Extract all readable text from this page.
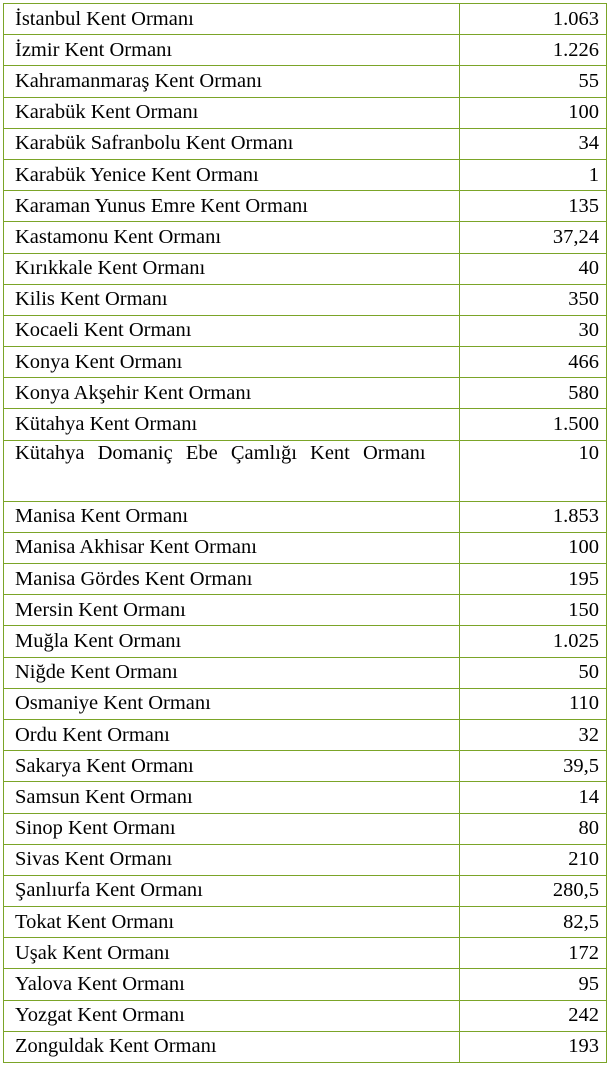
İstanbul Kent Ormanı	1.063
İzmir Kent Ormanı	1.226
Kahramanmaraş Kent Ormanı	55
Karabük Kent Ormanı	100
Karabük Safranbolu Kent Ormanı	34
Karabük Yenice Kent Ormanı	1
Karaman Yunus Emre Kent Ormanı	135
Kastamonu Kent Ormanı	37,24
Kırıkkale Kent Ormanı	40
Kilis Kent Ormanı	350
Kocaeli Kent Ormanı	30
Konya Kent Ormanı	466
Konya Akşehir Kent Ormanı	580
Kütahya Kent Ormanı	1.500
Kütahya Domaniç Ebe Çamlığı Kent Ormanı	10
Manisa Kent Ormanı	1.853
Manisa Akhisar Kent Ormanı	100
Manisa Gördes Kent Ormanı	195
Mersin Kent Ormanı	150
Muğla Kent Ormanı	1.025
Niğde Kent Ormanı	50
Osmaniye Kent Ormanı	110
Ordu Kent Ormanı	32
Sakarya Kent Ormanı	39,5
Samsun Kent Ormanı	14
Sinop Kent Ormanı	80
Sivas Kent Ormanı	210
Şanlıurfa Kent Ormanı	280,5
Tokat Kent Ormanı	82,5
Uşak Kent Ormanı	172
Yalova Kent Ormanı	95
Yozgat Kent Ormanı	242
Zonguldak Kent Ormanı	193
